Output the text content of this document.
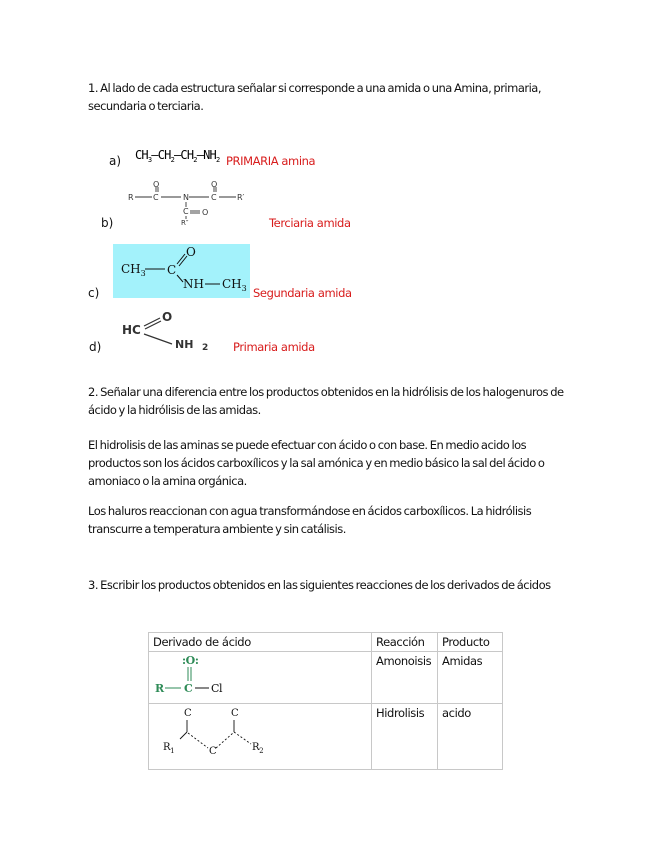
1. Al lado de cada estructura señalar si corresponde a una amida o una Amina, primaria, secundaria o terciaria.
a) $CH_3—CH_2—CH_2—NH_2$ PRIMARIA amina
b)
R C
O
N	C
O
R′
C O
R″	Terciaria amida
c)
$CH_3$ C
O
NH $CH_3$ Segundaria amida
d)
HC
O
NH 2 Primaria amida
2. Señalar una diferencia entre los productos obtenidos en la hidrólisis de los halogenuros de ácido y la hidrólisis de las amidas.
El hidrolisis de las aminas se puede efectuar con ácido o con base. En medio acido los productos son los ácidos carboxílicos y la sal amónica y en medio básico la sal del ácido o amoniaco o la amina orgánica.
Los haluros reaccionan con agua transformándose en ácidos carboxílicos. La hidrólisis transcurre a temperatura ambiente y sin catálisis.
3. Escribir los productos obtenidos en las siguientes reacciones de los derivados de ácidos
Derivado de ácido	Reacción	Producto

:O:
R C Cl	Amonoisis	Amidas

C
$R_1$ C
C
$R_2$	Hidrolisis	acido
